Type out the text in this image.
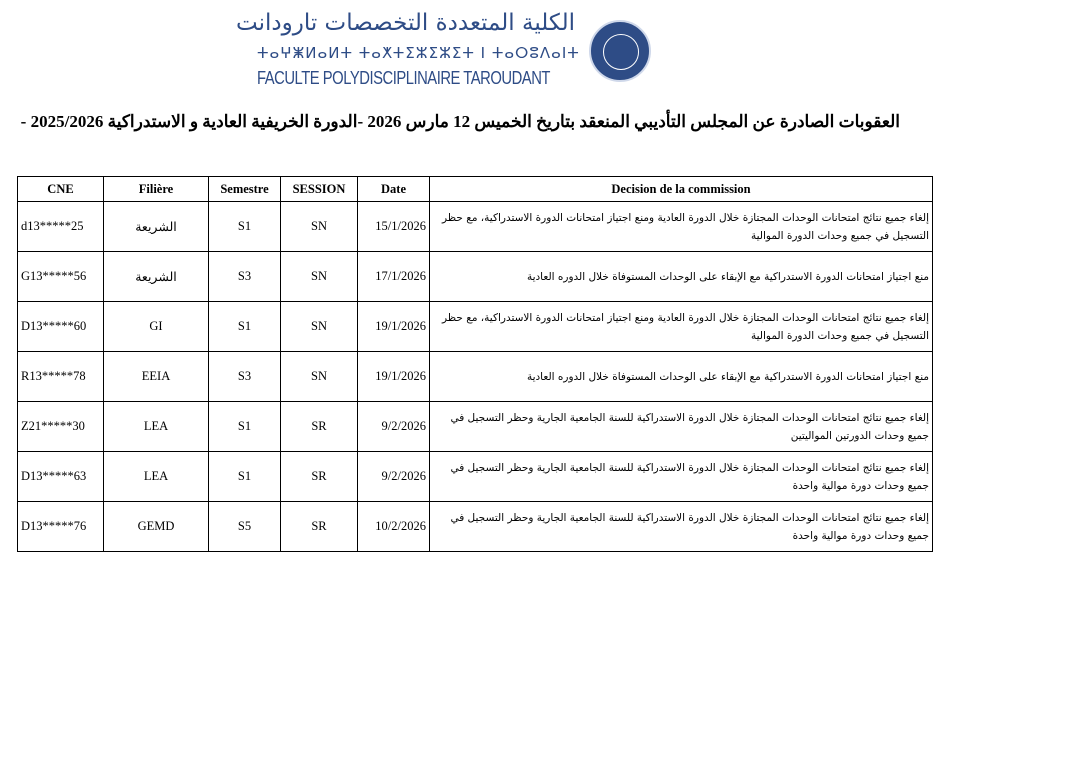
الكلية المتعددة التخصصات تارودانت
ⵜⴰⵖⵥⵍⴰⵍⵜ ⵜⴰⵅⵜⵉⵣⵉⵣⵉⵜ ⵏ ⵜⴰⵔⵓⴷⴰⵏⵜ
FACULTE POLYDISCIPLINAIRE TAROUDANT
العقوبات الصادرة عن المجلس التأديبي المنعقد بتاريخ الخميس 12 مارس 2026 -الدورة الخريفية العادية و الاستدراكية 2025/2026 -
CNE	Filière	Semestre	SESSION	Date	Decision de la commission
d13*****25	الشريعة	S1	SN	15/1/2026	إلغاء جميع نتائج امتحانات الوحدات المجتازة خلال الدورة العادية ومنع اجتياز امتحانات الدورة الاستدراكية، مع حظر التسجيل في جميع وحدات الدورة الموالية
G13*****56	الشريعة	S3	SN	17/1/2026	منع اجتياز امتحانات الدورة الاستدراكية مع الإبقاء على الوحدات المستوفاة خلال الدوره العادية
D13*****60	GI	S1	SN	19/1/2026	إلغاء جميع نتائج امتحانات الوحدات المجتازة خلال الدورة العادية ومنع اجتياز امتحانات الدورة الاستدراكية، مع حظر التسجيل في جميع وحدات الدورة الموالية
R13*****78	EEIA	S3	SN	19/1/2026	منع اجتياز امتحانات الدورة الاستدراكية مع الإبقاء على الوحدات المستوفاة خلال الدوره العادية
Z21*****30	LEA	S1	SR	9/2/2026	إلغاء جميع نتائج امتحانات الوحدات المجتازة خلال الدورة الاستدراكية للسنة الجامعية الجارية وحظر التسجيل في جميع وحدات الدورتين المواليتين
D13*****63	LEA	S1	SR	9/2/2026	إلغاء جميع نتائج امتحانات الوحدات المجتازة خلال الدورة الاستدراكية للسنة الجامعية الجارية وحظر التسجيل في جميع وحدات دورة موالية واحدة
D13*****76	GEMD	S5	SR	10/2/2026	إلغاء جميع نتائج امتحانات الوحدات المجتازة خلال الدورة الاستدراكية للسنة الجامعية الجارية وحظر التسجيل في جميع وحدات دورة موالية واحدة
